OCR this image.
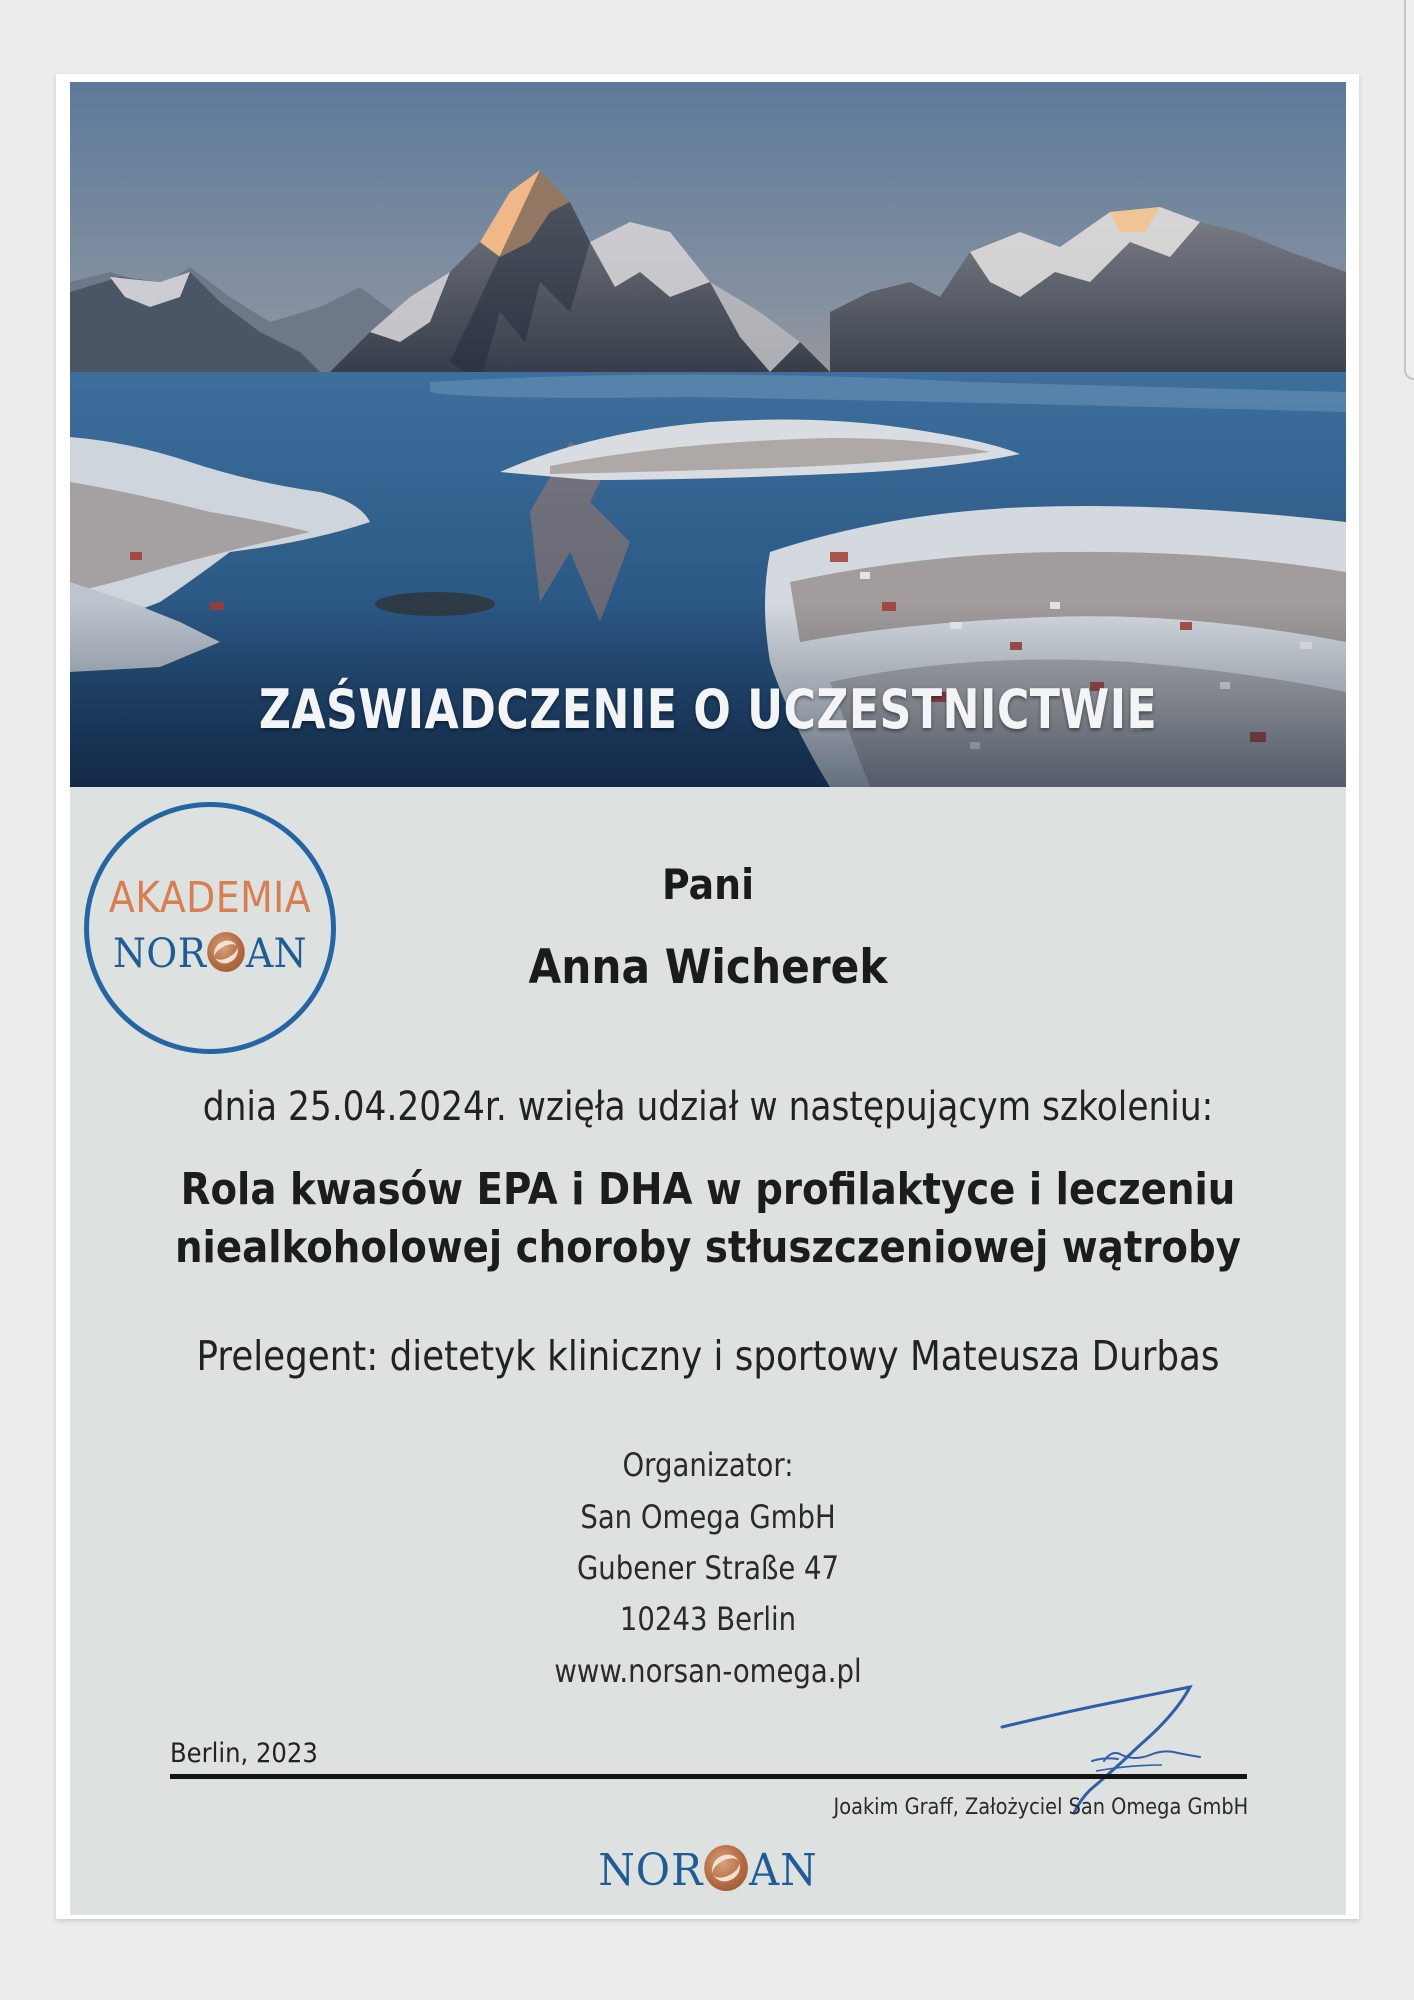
ZAŚWIADCZENIE O UCZESTNICTWIE
AKADEMIA
NOR AN
Pani
Anna Wicherek
dnia 25.04.2024r. wzięła udział w następującym szkoleniu:
Rola kwasów EPA i DHA w profilaktyce i leczeniu
niealkoholowej choroby stłuszczeniowej wątroby
Prelegent: dietetyk kliniczny i sportowy Mateusza Durbas
Organizator:
San Omega GmbH
Gubener Straße 47
10243 Berlin
www.norsan-omega.pl
Berlin, 2023
Joakim Graff, Założyciel San Omega GmbH
NOR AN
